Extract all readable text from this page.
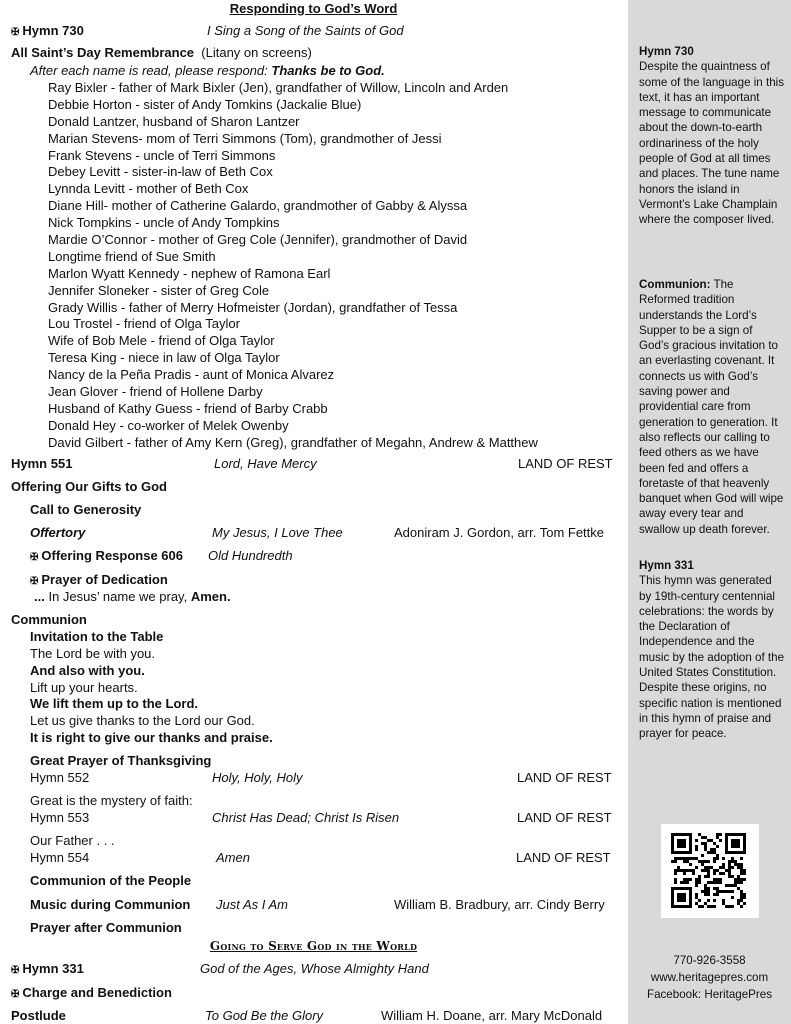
Responding to God’s Word
✠ Hymn 730	I Sing a Song of the Saints of God
All Saint’s Day Remembrance (Litany on screens)
After each name is read, please respond: Thanks be to God.
Ray Bixler - father of Mark Bixler (Jen), grandfather of Willow, Lincoln and Arden
Debbie Horton - sister of Andy Tomkins (Jackalie Blue)
Donald Lantzer, husband of Sharon Lantzer
Marian Stevens- mom of Terri Simmons (Tom), grandmother of Jessi
Frank Stevens - uncle of Terri Simmons
Debey Levitt - sister-in-law of Beth Cox
Lynnda Levitt - mother of Beth Cox
Diane Hill- mother of Catherine Galardo, grandmother of Gabby & Alyssa
Nick Tompkins - uncle of Andy Tompkins
Mardie O’Connor - mother of Greg Cole (Jennifer), grandmother of David
Longtime friend of Sue Smith
Marlon Wyatt Kennedy - nephew of Ramona Earl
Jennifer Sloneker - sister of Greg Cole
Grady Willis - father of Merry Hofmeister (Jordan), grandfather of Tessa
Lou Trostel - friend of Olga Taylor
Wife of Bob Mele - friend of Olga Taylor
Teresa King - niece in law of Olga Taylor
Nancy de la Peña Pradis - aunt of Monica Alvarez
Jean Glover - friend of Hollene Darby
Husband of Kathy Guess - friend of Barby Crabb
Donald Hey - co-worker of Melek Owenby
David Gilbert - father of Amy Kern (Greg), grandfather of Megahn, Andrew & Matthew
Hymn 551	Lord, Have Mercy	LAND OF REST
Offering Our Gifts to God
Call to Generosity
Offertory	My Jesus, I Love Thee	Adoniram J. Gordon, arr. Tom Fettke
✠ Offering Response 606 Old Hundredth
✠ Prayer of Dedication
... In Jesus’ name we pray, Amen.
Communion
Invitation to the Table
The Lord be with you.
And also with you.
Lift up your hearts.
We lift them up to the Lord.
Let us give thanks to the Lord our God.
It is right to give our thanks and praise.
Great Prayer of Thanksgiving
Hymn 552	Holy, Holy, Holy	LAND OF REST
Great is the mystery of faith:
Hymn 553	Christ Has Dead; Christ Is Risen	LAND OF REST
Our Father . . .
Hymn 554	Amen	LAND OF REST
Communion of the People
Music during Communion Just As I Am	William B. Bradbury, arr. Cindy Berry
Prayer after Communion
Going to Serve God in the World
✠ Hymn 331	God of the Ages, Whose Almighty Hand
✠ Charge and Benediction
Postlude	To God Be the Glory	William H. Doane, arr. Mary McDonald
Hymn 730
Despite the quaintness of some of the language in this text, it has an important message to communicate about the down-to-earth ordinariness of the holy people of God at all times and places. The tune name honors the island in Vermont’s Lake Champlain where the composer lived.
Communion: The Reformed tradition understands the Lord’s Supper to be a sign of God’s gracious invitation to an everlasting covenant. It connects us with God’s saving power and providential care from generation to generation. It also reflects our calling to feed others as we have been fed and offers a foretaste of that heavenly banquet when God will wipe away every tear and swallow up death forever.
Hymn 331
This hymn was generated by 19th-century centennial celebrations: the words by the Declaration of Independence and the music by the adoption of the United States Constitution. Despite these origins, no specific nation is mentioned in this hymn of praise and prayer for peace.
770-926-3558
www.heritagepres.com
Facebook: HeritagePres
